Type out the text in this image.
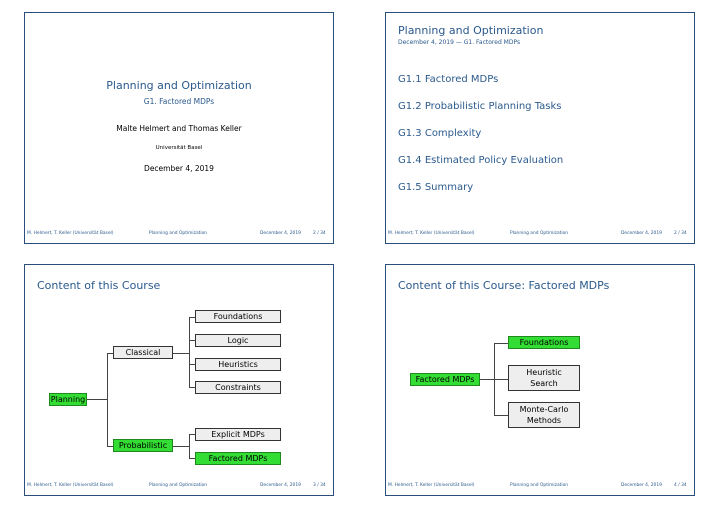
Planning and Optimization
G1. Factored MDPs
Malte Helmert and Thomas Keller
Universität Basel
December 4, 2019
M. Helmert, T. Keller (Universität Basel)	Planning and Optimization	December 4, 2019	2 / 34
Planning and Optimization
December 4, 2019 — G1. Factored MDPs
G1.1 Factored MDPs
G1.2 Probabilistic Planning Tasks
G1.3 Complexity
G1.4 Estimated Policy Evaluation
G1.5 Summary
M. Helmert, T. Keller (Universität Basel)	Planning and Optimization	December 4, 2019	2 / 34
Content of this Course
Planning
Classical
Probabilistic
Foundations
Logic
Heuristics
Constraints
Explicit MDPs
Factored MDPs
M. Helmert, T. Keller (Universität Basel)	Planning and Optimization	December 4, 2019	3 / 34
Content of this Course: Factored MDPs
Factored MDPs
Foundations
Heuristic
Search
Monte-Carlo
Methods
M. Helmert, T. Keller (Universität Basel)	Planning and Optimization	December 4, 2019	4 / 34
